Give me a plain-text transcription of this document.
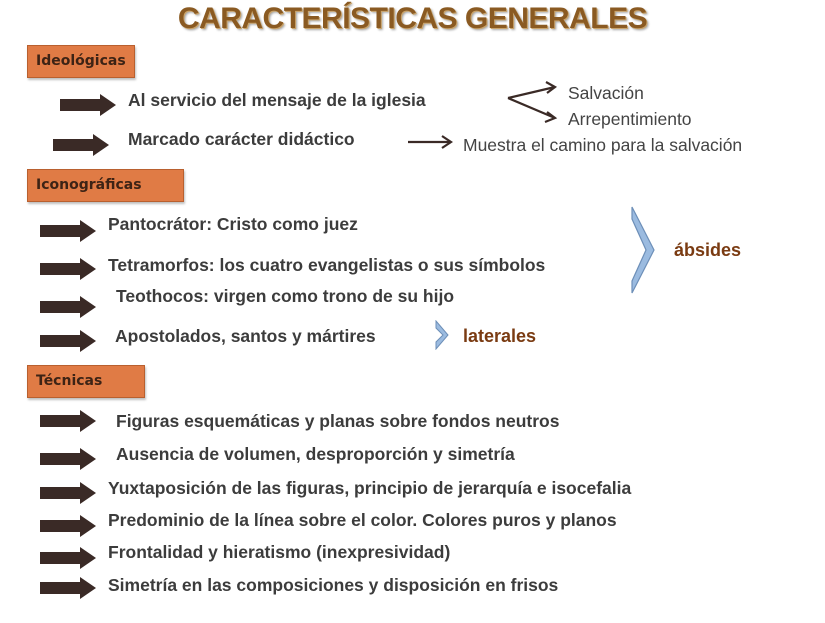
CARACTERÍSTICAS GENERALES
Ideológicas
Al servicio del mensaje de la iglesia
Marcado carácter didáctico
Salvación
Arrepentimiento
Muestra el camino para la salvación
Iconográficas
Pantocrátor: Cristo como juez
Tetramorfos: los cuatro evangelistas o sus símbolos
Teothocos: virgen como trono de su hijo
Apostolados, santos y mártires
ábsides
laterales
Técnicas
Figuras esquemáticas y planas sobre fondos neutros
Ausencia de volumen, desproporción y simetría
Yuxtaposición de las figuras, principio de jerarquía e isocefalia
Predominio de la línea sobre el color. Colores puros y planos
Frontalidad y hieratismo (inexpresividad)
Simetría en las composiciones y disposición en frisos
